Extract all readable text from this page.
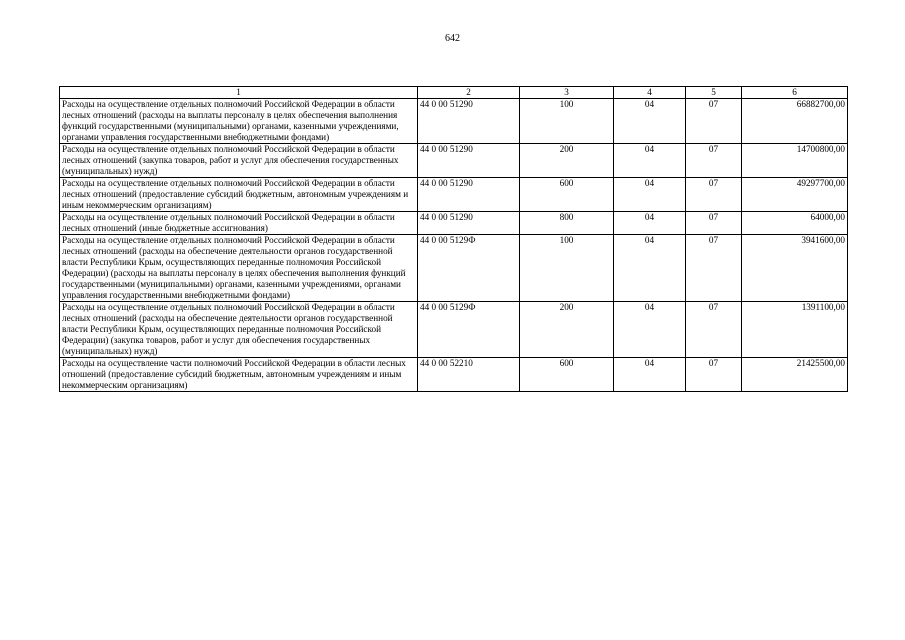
642
1	2	3	4	5	6
Расходы на осуществление отдельных полномочий Российской Федерации в области лесных отношений (расходы на выплаты персоналу в целях обеспечения выполнения функций государственными (муниципальными) органами, казенными учреждениями, органами управления государственными внебюджетными фондами)	44 0 00 51290	100	04	07	66882700,00
Расходы на осуществление отдельных полномочий Российской Федерации в области лесных отношений (закупка товаров, работ и услуг для обеспечения государственных (муниципальных) нужд)	44 0 00 51290	200	04	07	14700800,00
Расходы на осуществление отдельных полномочий Российской Федерации в области лесных отношений (предоставление субсидий бюджетным, автономным учреждениям и иным некоммерческим организациям)	44 0 00 51290	600	04	07	49297700,00
Расходы на осуществление отдельных полномочий Российской Федерации в области лесных отношений (иные бюджетные ассигнования)	44 0 00 51290	800	04	07	64000,00
Расходы на осуществление отдельных полномочий Российской Федерации в области лесных отношений (расходы на обеспечение деятельности органов государственной власти Республики Крым, осуществляющих переданные полномочия Российской Федерации) (расходы на выплаты персоналу в целях обеспечения выполнения функций государственными (муниципальными) органами, казенными учреждениями, органами управления государственными внебюджетными фондами)	44 0 00 5129Ф	100	04	07	3941600,00
Расходы на осуществление отдельных полномочий Российской Федерации в области лесных отношений (расходы на обеспечение деятельности органов государственной власти Республики Крым, осуществляющих переданные полномочия Российской Федерации) (закупка товаров, работ и услуг для обеспечения государственных (муниципальных) нужд)	44 0 00 5129Ф	200	04	07	1391100,00
Расходы на осуществление части полномочий Российской Федерации в области лесных отношений (предоставление субсидий бюджетным, автономным учреждениям и иным некоммерческим организациям)	44 0 00 52210	600	04	07	21425500,00
